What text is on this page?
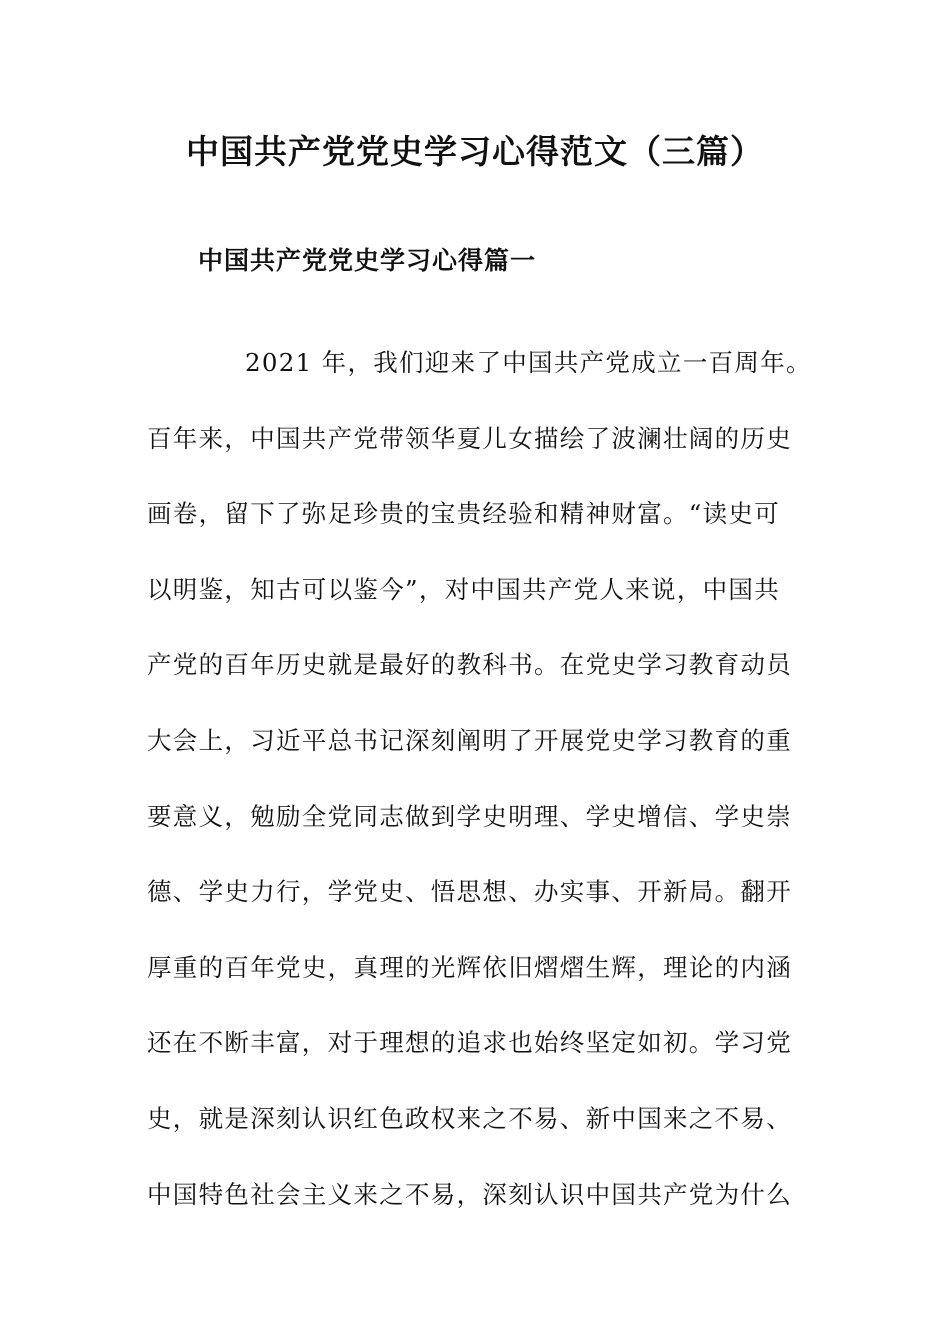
中国共产党党史学习心得范文（三篇）
中国共产党党史学习心得篇一
2021 年，我们迎来了中国共产党成立一百周年。
百年来，中国共产党带领华夏儿女描绘了波澜壮阔的历史
画卷，留下了弥足珍贵的宝贵经验和精神财富。“读史可
以明鉴，知古可以鉴今”，对中国共产党人来说，中国共
产党的百年历史就是最好的教科书。在党史学习教育动员
大会上，习近平总书记深刻阐明了开展党史学习教育的重
要意义，勉励全党同志做到学史明理、学史增信、学史崇
德、学史力行，学党史、悟思想、办实事、开新局。翻开
厚重的百年党史，真理的光辉依旧熠熠生辉，理论的内涵
还在不断丰富，对于理想的追求也始终坚定如初。学习党
史，就是深刻认识红色政权来之不易、新中国来之不易、
中国特色社会主义来之不易，深刻认识中国共产党为什么
